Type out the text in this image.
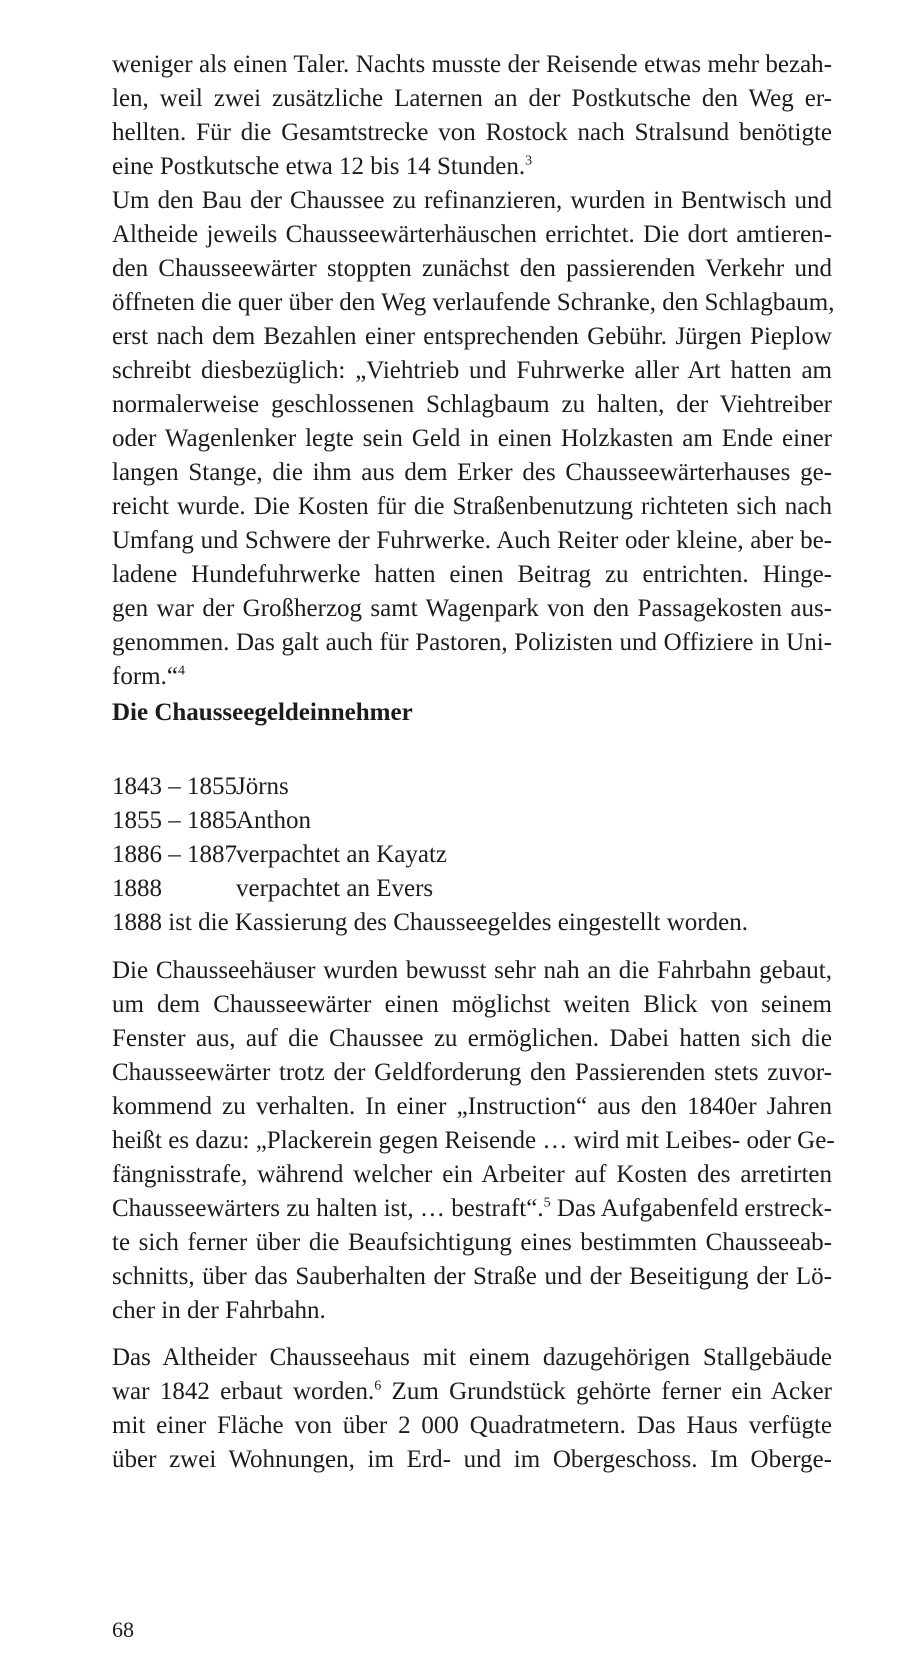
weniger als einen Taler. Nachts musste der Reisende etwas mehr bezah-
len, weil zwei zusätzliche Laternen an der Postkutsche den Weg er-
hellten. Für die Gesamtstrecke von Rostock nach Stralsund benötigte
eine Postkutsche etwa 12 bis 14 Stunden.$^3$

Um den Bau der Chaussee zu refinanzieren, wurden in Bentwisch und
Altheide jeweils Chausseewärterhäuschen errichtet. Die dort amtieren-
den Chausseewärter stoppten zunächst den passierenden Verkehr und
öffneten die quer über den Weg verlaufende Schranke, den Schlagbaum,
erst nach dem Bezahlen einer entsprechenden Gebühr. Jürgen Pieplow
schreibt diesbezüglich: „Viehtrieb und Fuhrwerke aller Art hatten am
normalerweise geschlossenen Schlagbaum zu halten, der Viehtreiber
oder Wagenlenker legte sein Geld in einen Holzkasten am Ende einer
langen Stange, die ihm aus dem Erker des Chausseewärterhauses ge-
reicht wurde. Die Kosten für die Straßenbenutzung richteten sich nach
Umfang und Schwere der Fuhrwerke. Auch Reiter oder kleine, aber be-
ladene Hundefuhrwerke hatten einen Beitrag zu entrichten. Hinge-
gen war der Großherzog samt Wagenpark von den Passagekosten aus-
genommen. Das galt auch für Pastoren, Polizisten und Offiziere in Uni-
form.“$^4$

Die Chausseegeldeinnehmer
1843 – 1855 Jörns
1855 – 1885 Anthon
1886 – 1887 verpachtet an Kayatz
1888	verpachtet an Evers
1888 ist die Kassierung des Chausseegeldes eingestellt worden.

Die Chausseehäuser wurden bewusst sehr nah an die Fahrbahn gebaut,
um dem Chausseewärter einen möglichst weiten Blick von seinem
Fenster aus, auf die Chaussee zu ermöglichen. Dabei hatten sich die
Chausseewärter trotz der Geldforderung den Passierenden stets zuvor-
kommend zu verhalten. In einer „Instruction“ aus den 1840er Jahren
heißt es dazu: „Plackerein gegen Reisende … wird mit Leibes- oder Ge-
fängnisstrafe, während welcher ein Arbeiter auf Kosten des arretirten
Chausseewärters zu halten ist, … bestraft“.$^5$ Das Aufgabenfeld erstreck-
te sich ferner über die Beaufsichtigung eines bestimmten Chausseeab-
schnitts, über das Sauberhalten der Straße und der Beseitigung der Lö-
cher in der Fahrbahn.

Das Altheider Chausseehaus mit einem dazugehörigen Stallgebäude
war 1842 erbaut worden.$^6$ Zum Grundstück gehörte ferner ein Acker
mit einer Fläche von über 2 000 Quadratmetern. Das Haus verfügte
über zwei Wohnungen, im Erd- und im Obergeschoss. Im Oberge-

68
